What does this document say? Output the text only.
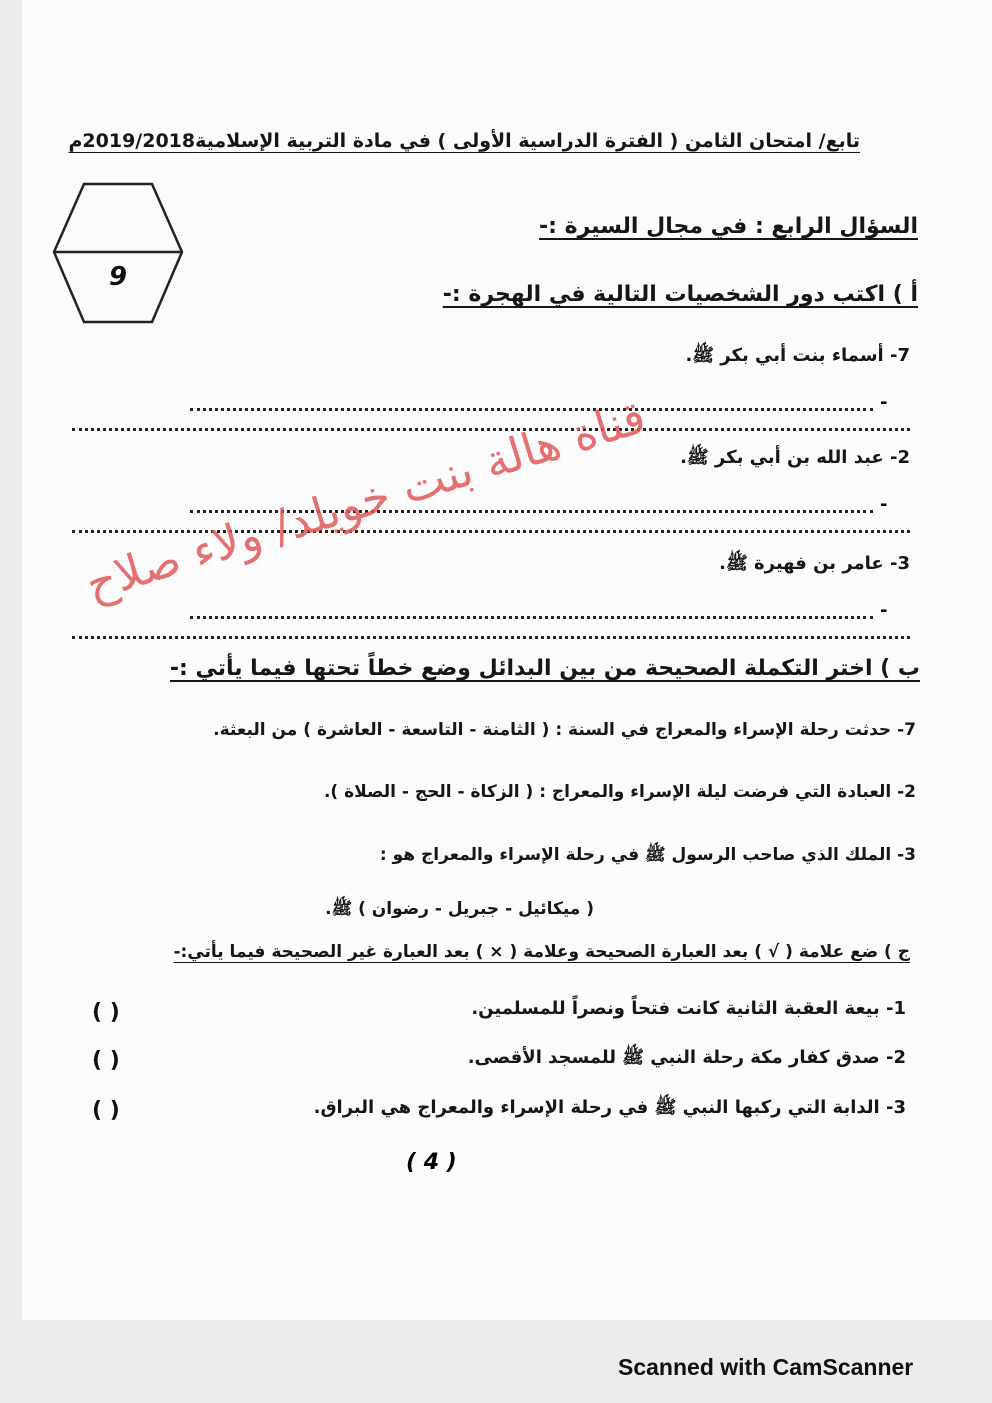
تابع/ امتحان الثامن ( الفترة الدراسية الأولى ) في مادة التربية الإسلامية2019/2018م
9
السؤال الرابع : في مجال السيرة :-
أ ) اكتب دور الشخصيات التالية في الهجرة :-
7- أسماء بنت أبي بكر ﷺ.
-
2- عبد الله بن أبي بكر ﷺ.
-
3- عامر بن فهيرة ﷺ.
-
قناة هالة بنت خويلد/ ولاء صلاح
ب ) اختر التكملة الصحيحة من بين البدائل وضع خطاً تحتها فيما يأتي :-
7- حدثت رحلة الإسراء والمعراج في السنة : ( الثامنة - التاسعة - العاشرة ) من البعثة.
2- العبادة التي فرضت ليلة الإسراء والمعراج : ( الزكاة - الحج - الصلاة ).
3- الملك الذي صاحب الرسول ﷺ في رحلة الإسراء والمعراج هو :
( ميكائيل - جبريل - رضوان ) ﷺ.
ج ) ضع علامة ( √ ) بعد العبارة الصحيحة وعلامة ( × ) بعد العبارة غير الصحيحة فيما يأتي:-
1- بيعة العقبة الثانية كانت فتحاً ونصراً للمسلمين.
( )
2- صدق كفار مكة رحلة النبي ﷺ للمسجد الأقصى.
( )
3- الدابة التي ركبها النبي ﷺ في رحلة الإسراء والمعراج هي البراق.
( )
( 4 )
Scanned with CamScanner
